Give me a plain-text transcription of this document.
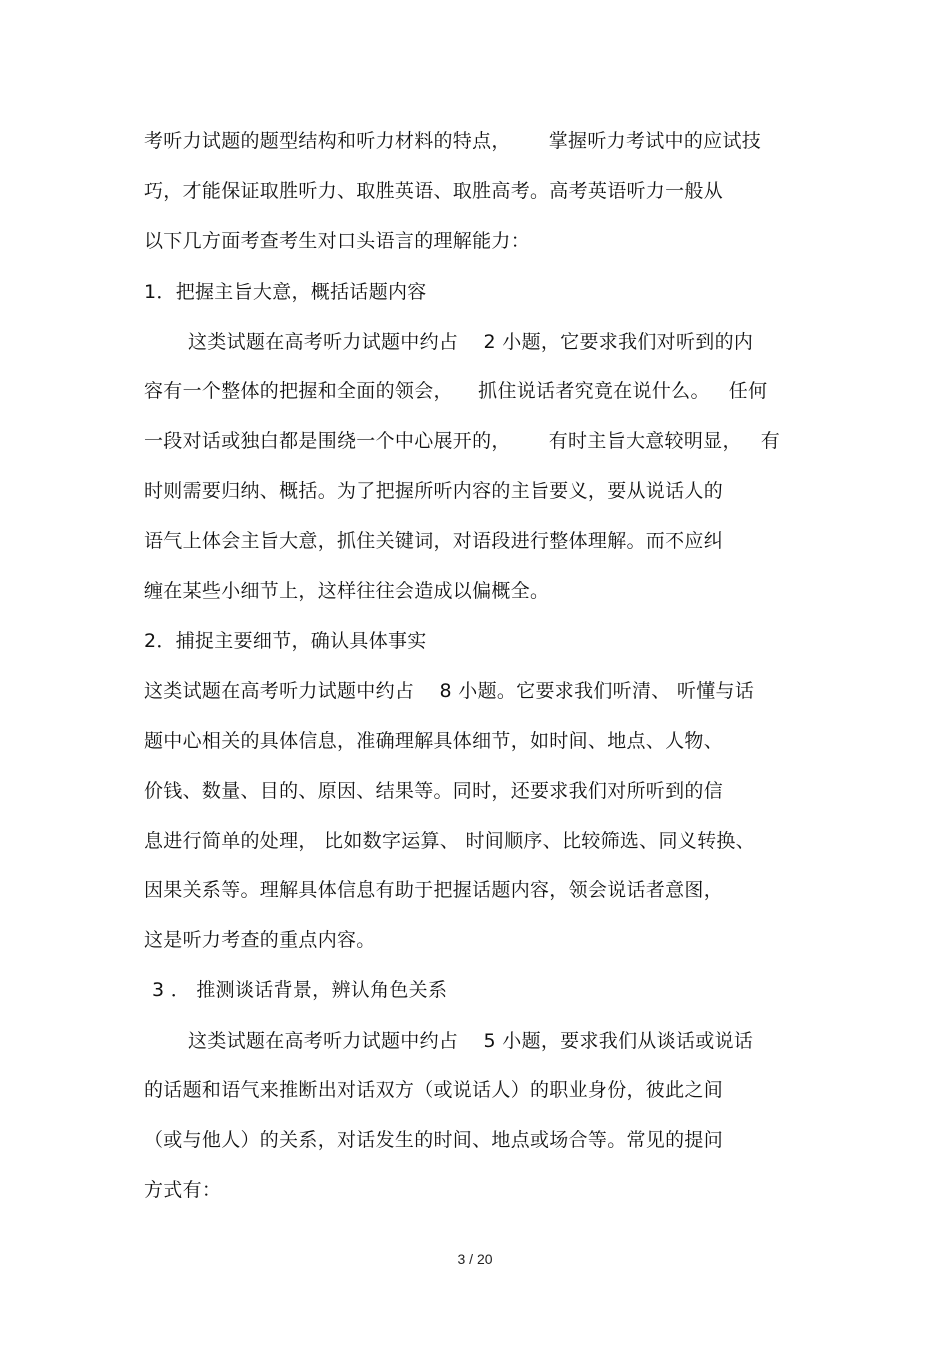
考听力试题的题型结构和听力材料的特点，      掌握听力考试中的应试技
巧，才能保证取胜听力、取胜英语、取胜高考。高考英语听力一般从
以下几方面考查考生对口头语言的理解能力：
1．把握主旨大意，概括话题内容
这类试题在高考听力试题中约占    2 小题，它要求我们对听到的内
容有一个整体的把握和全面的领会，    抓住说话者究竟在说什么。   任何
一段对话或独白都是围绕一个中心展开的，      有时主旨大意较明显，   有
时则需要归纳、概括。为了把握所听内容的主旨要义，要从说话人的
语气上体会主旨大意，抓住关键词，对语段进行整体理解。而不应纠
缠在某些小细节上，这样往往会造成以偏概全。
2．捕捉主要细节，确认具体事实
这类试题在高考听力试题中约占    8 小题。它要求我们听清、 听懂与话
题中心相关的具体信息，准确理解具体细节，如时间、地点、人物、
价钱、数量、目的、原因、结果等。同时，还要求我们对所听到的信
息进行简单的处理， 比如数字运算、 时间顺序、比较筛选、同义转换、
因果关系等。理解具体信息有助于把握话题内容，领会说话者意图，
这是听力考查的重点内容。
3 ． 推测谈话背景，辨认角色关系
这类试题在高考听力试题中约占    5 小题，要求我们从谈话或说话
的话题和语气来推断出对话双方（或说话人）的职业身份，彼此之间
（或与他人）的关系，对话发生的时间、地点或场合等。常见的提问
方式有：
3 / 20
